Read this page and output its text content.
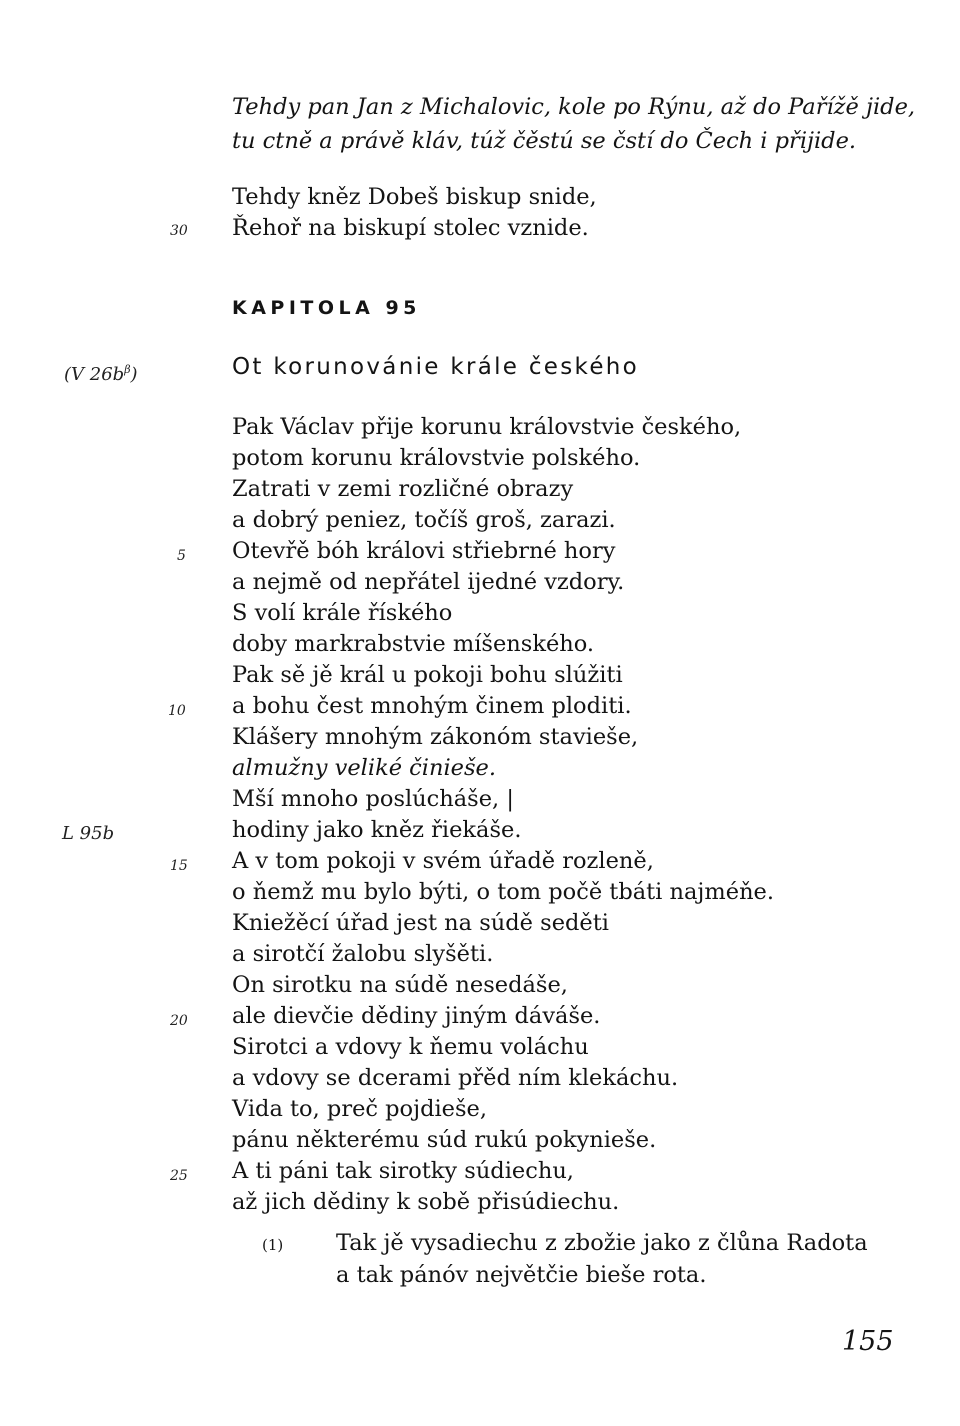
Tehdy pan Jan z Michalovic, kole po Rýnu, až do Pařížě jide,
tu ctně a právě kláv, túž čěstú se čstí do Čech i přijide.
Tehdy kněz Dobeš biskup snide,
30 Řehoř na biskupí stolec vznide.
KAPITOLA 95
(V $26b^\beta$)	Ot korunovánie krále českého
Pak Václav přije korunu královstvie českého,
potom korunu královstvie polského.
Zatrati v zemi rozličné obrazy
a dobrý peniez, točíš groš, zarazi.
5 Otevřě bóh královi střiebrné hory
a nejmě od nepřátel ijedné vzdory.
S volí krále říského
doby markrabstvie míšenského.
Pak sě jě král u pokoji bohu slúžiti
10 a bohu čest mnohým činem ploditi.
Klášery mnohým zákonóm stavieše,
almužny veliké činieše.
Mší mnoho poslúcháše, |
L 95b	hodiny jako kněz řiekáše.
15 A v tom pokoji v svém úřadě rozleně,
o ňemž mu bylo býti, o tom počě tbáti najméňe.
Kniežěcí úřad jest na súdě seděti
a sirotčí žalobu slyšěti.
On sirotku na súdě nesedáše,
20 ale dievčie dědiny jiným dáváše.
Sirotci a vdovy k ňemu voláchu
a vdovy se dcerami přěd ním klekáchu.
Vida to, preč pojdieše,
pánu některému súd rukú pokynieše.
25 A ti páni tak sirotky súdiechu,
až jich dědiny k sobě přisúdiechu.
(1) Tak jě vysadiechu z zbožie jako z člůna Radota
a tak pánóv největčie bieše rota.
155
